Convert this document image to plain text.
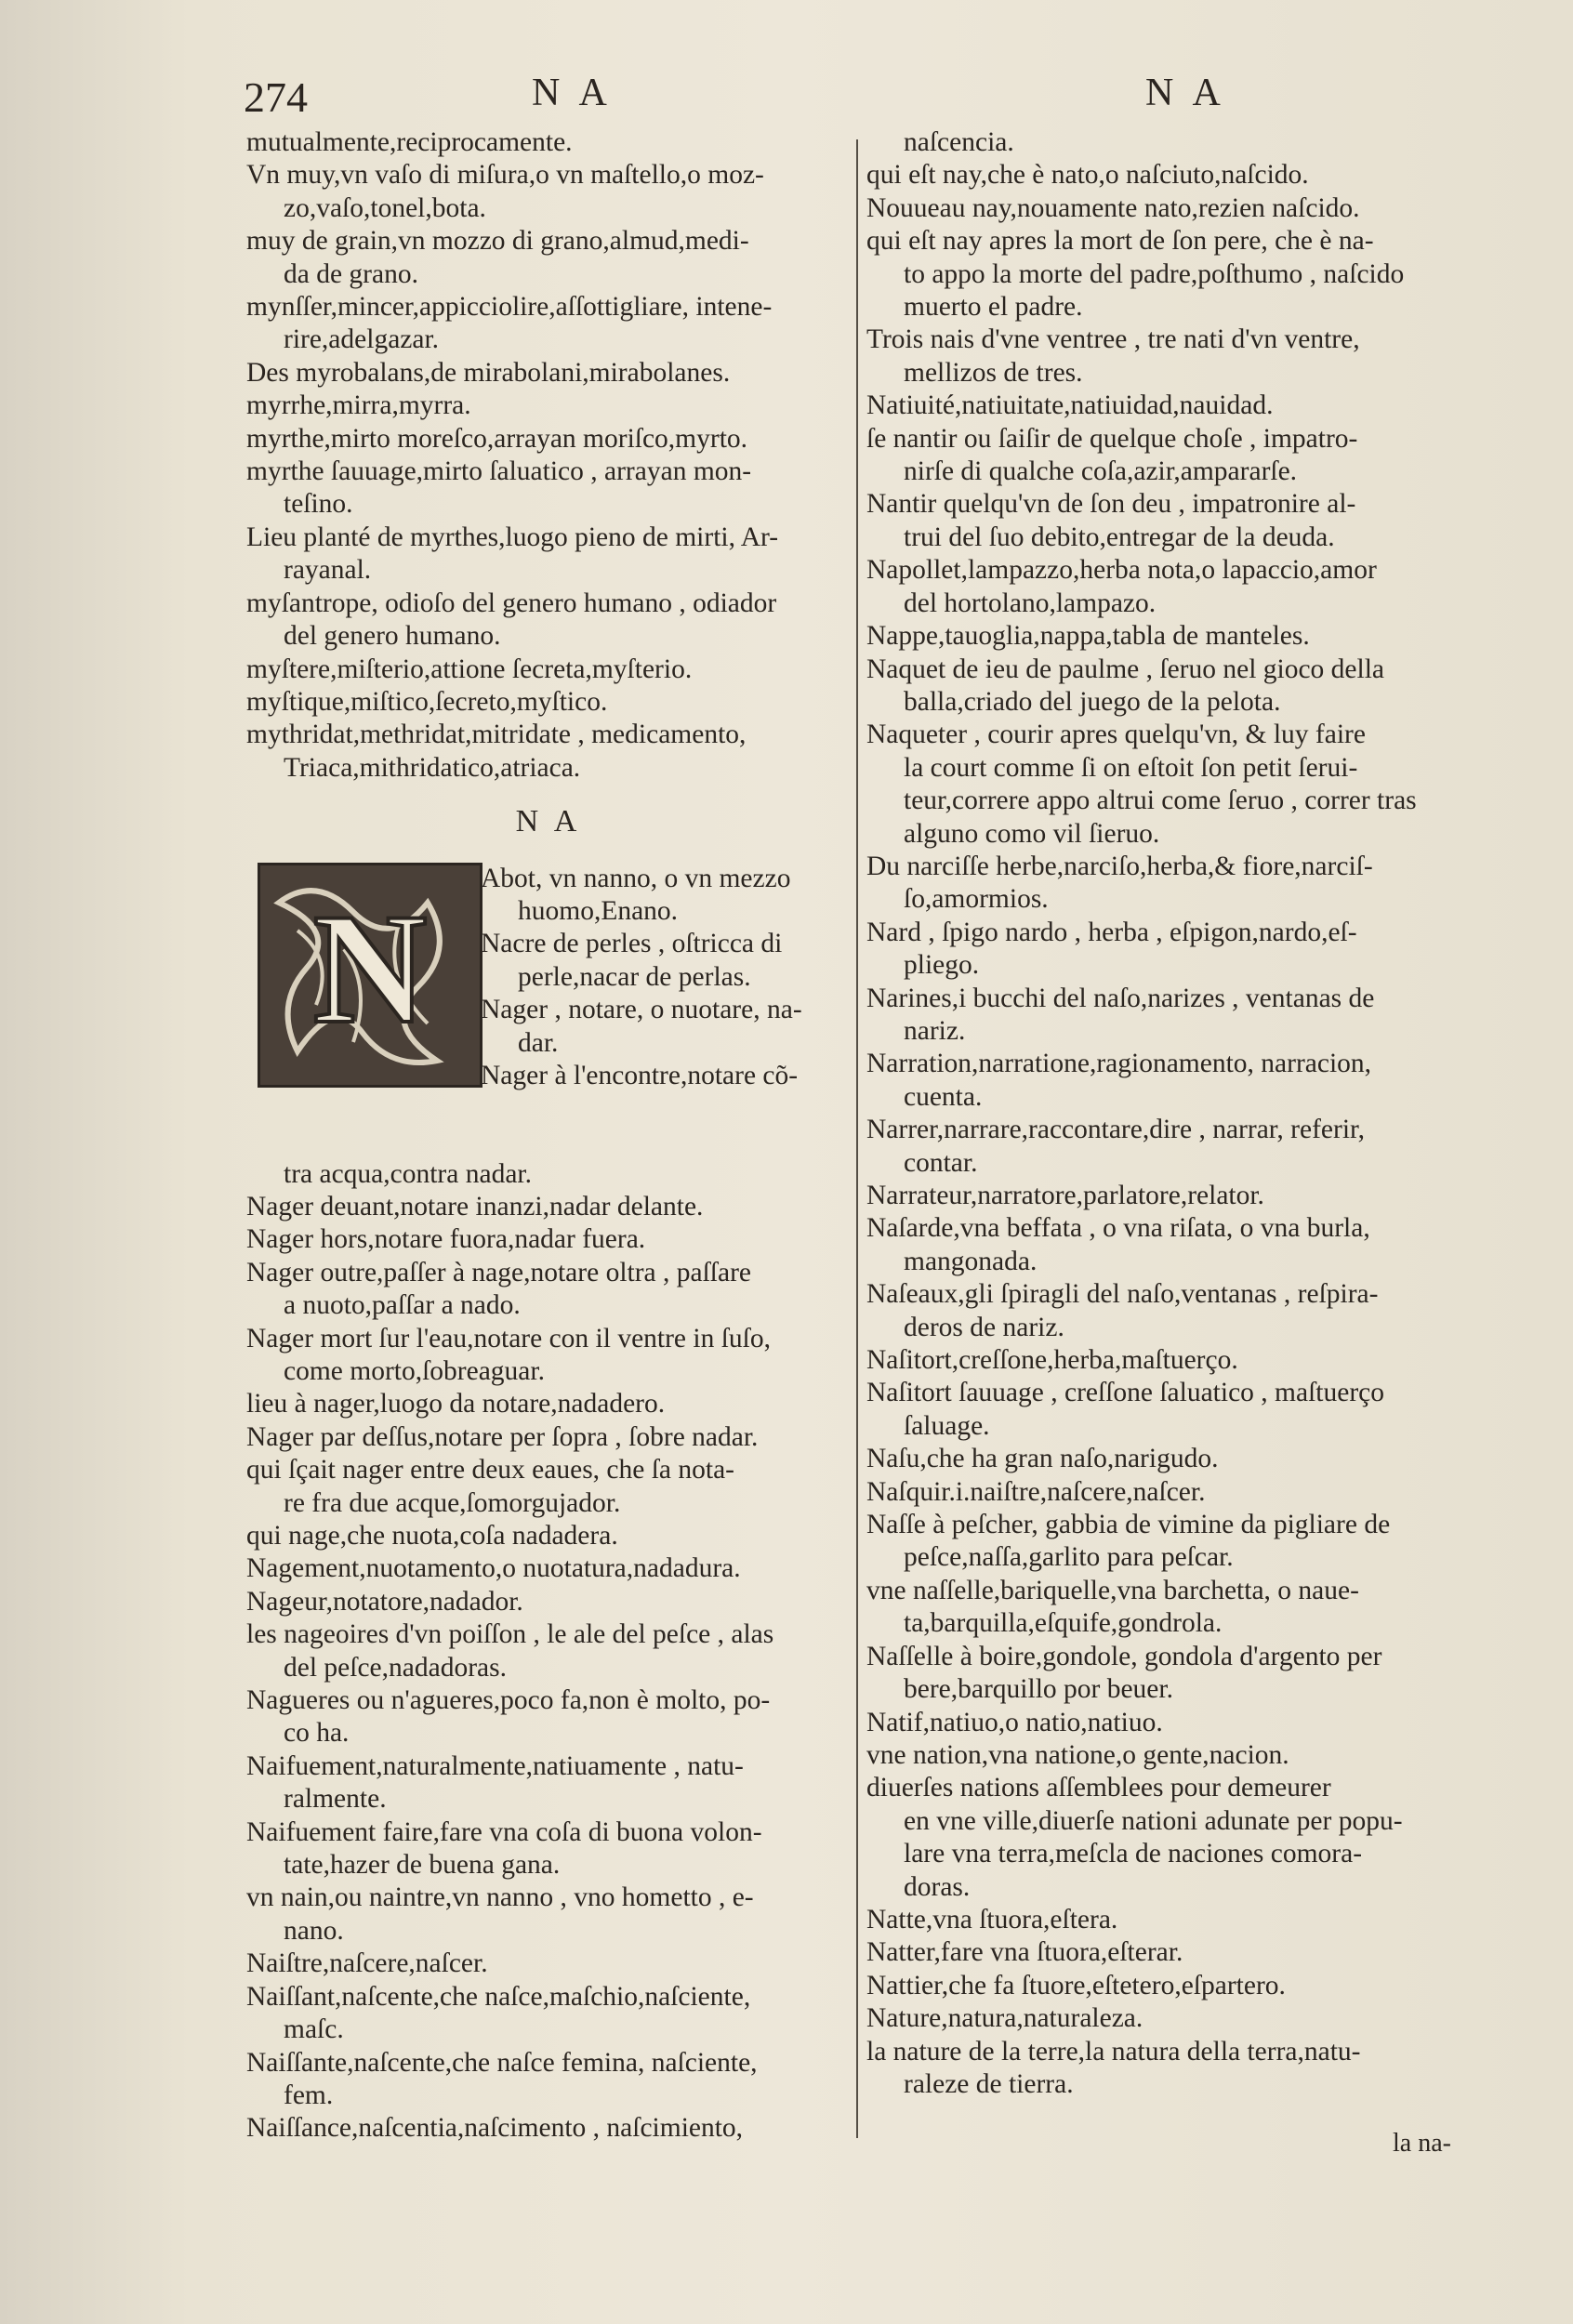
274	N A	N A
mutualmente,reciprocamente.
Vn muy,vn vaſo di miſura,o vn maſtello,o moz-
zo,vaſo,tonel,bota.
muy de grain,vn mozzo di grano,almud,medi-
da de grano.
mynſſer,mincer,appicciolire,aſſottigliare, intene-
rire,adelgazar.
Des myrobalans,de mirabolani,mirabolanes.
myrrhe,mirra,myrra.
myrthe,mirto moreſco,arrayan moriſco,myrto.
myrthe ſauuage,mirto ſaluatico , arrayan mon-
teſino.
Lieu planté de myrthes,luogo pieno de mirti, Ar-
rayanal.
myſantrope, odioſo del genero humano , odiador
del genero humano.
myſtere,miſterio,attione ſecreta,myſterio.
myſtique,miſtico,ſecreto,myſtico.
mythridat,methridat,mitridate , medicamento,
Triaca,mithridatico,atriaca.
N A
N
Abot, vn nanno, o vn mezzo
huomo,Enano.
Nacre de perles , oſtricca di
perle,nacar de perlas.
Nager , notare, o nuotare, na-
dar.
Nager à l'encontre,notare cõ-
tra acqua,contra nadar.
Nager deuant,notare inanzi,nadar delante.
Nager hors,notare fuora,nadar fuera.
Nager outre,paſſer à nage,notare oltra , paſſare
a nuoto,paſſar a nado.
Nager mort ſur l'eau,notare con il ventre in ſuſo,
come morto,ſobreaguar.
lieu à nager,luogo da notare,nadadero.
Nager par deſſus,notare per ſopra , ſobre nadar.
qui ſçait nager entre deux eaues, che ſa nota-
re fra due acque,ſomorgujador.
qui nage,che nuota,coſa nadadera.
Nagement,nuotamento,o nuotatura,nadadura.
Nageur,notatore,nadador.
les nageoires d'vn poiſſon , le ale del peſce , alas
del peſce,nadadoras.
Nagueres ou n'agueres,poco fa,non è molto, po-
co ha.
Naifuement,naturalmente,natiuamente , natu-
ralmente.
Naifuement faire,fare vna coſa di buona volon-
tate,hazer de buena gana.
vn nain,ou naintre,vn nanno , vno hometto , e-
nano.
Naiſtre,naſcere,naſcer.
Naiſſant,naſcente,che naſce,maſchio,naſciente,
maſc.
Naiſſante,naſcente,che naſce femina, naſciente,
fem.
Naiſſance,naſcentia,naſcimento , naſcimiento,
naſcencia.
qui eſt nay,che è nato,o naſciuto,naſcido.
Nouueau nay,nouamente nato,rezien naſcido.
qui eſt nay apres la mort de ſon pere, che è na-
to appo la morte del padre,poſthumo , naſcido
muerto el padre.
Trois nais d'vne ventree , tre nati d'vn ventre,
mellizos de tres.
Natiuité,natiuitate,natiuidad,nauidad.
ſe nantir ou ſaiſir de quelque choſe , impatro-
nirſe di qualche coſa,azir,ampararſe.
Nantir quelqu'vn de ſon deu , impatronire al-
trui del ſuo debito,entregar de la deuda.
Napollet,lampazzo,herba nota,o lapaccio,amor
del hortolano,lampazo.
Nappe,tauoglia,nappa,tabla de manteles.
Naquet de ieu de paulme , ſeruo nel gioco della
balla,criado del juego de la pelota.
Naqueter , courir apres quelqu'vn, & luy faire
la court comme ſi on eſtoit ſon petit ſerui-
teur,correre appo altrui come ſeruo , correr tras
alguno como vil ſieruo.
Du narciſſe herbe,narciſo,herba,& fiore,narciſ-
ſo,amormios.
Nard , ſpigo nardo , herba , eſpigon,nardo,eſ-
pliego.
Narines,i bucchi del naſo,narizes , ventanas de
nariz.
Narration,narratione,ragionamento, narracion,
cuenta.
Narrer,narrare,raccontare,dire , narrar, referir,
contar.
Narrateur,narratore,parlatore,relator.
Naſarde,vna beffata , o vna riſata, o vna burla,
mangonada.
Naſeaux,gli ſpiragli del naſo,ventanas , reſpira-
deros de nariz.
Naſitort,creſſone,herba,maſtuerço.
Naſitort ſauuage , creſſone ſaluatico , maſtuerço
ſaluage.
Naſu,che ha gran naſo,narigudo.
Naſquir.i.naiſtre,naſcere,naſcer.
Naſſe à peſcher, gabbia de vimine da pigliare de
peſce,naſſa,garlito para peſcar.
vne naſſelle,bariquelle,vna barchetta, o naue-
ta,barquilla,eſquife,gondrola.
Naſſelle à boire,gondole, gondola d'argento per
bere,barquillo por beuer.
Natif,natiuo,o natio,natiuo.
vne nation,vna natione,o gente,nacion.
diuerſes nations aſſemblees pour demeurer
en vne ville,diuerſe nationi adunate per popu-
lare vna terra,meſcla de naciones comora-
doras.
Natte,vna ſtuora,eſtera.
Natter,fare vna ſtuora,eſterar.
Nattier,che fa ſtuore,eſtetero,eſpartero.
Nature,natura,naturaleza.
la nature de la terre,la natura della terra,natu-
raleze de tierra.
la na-
